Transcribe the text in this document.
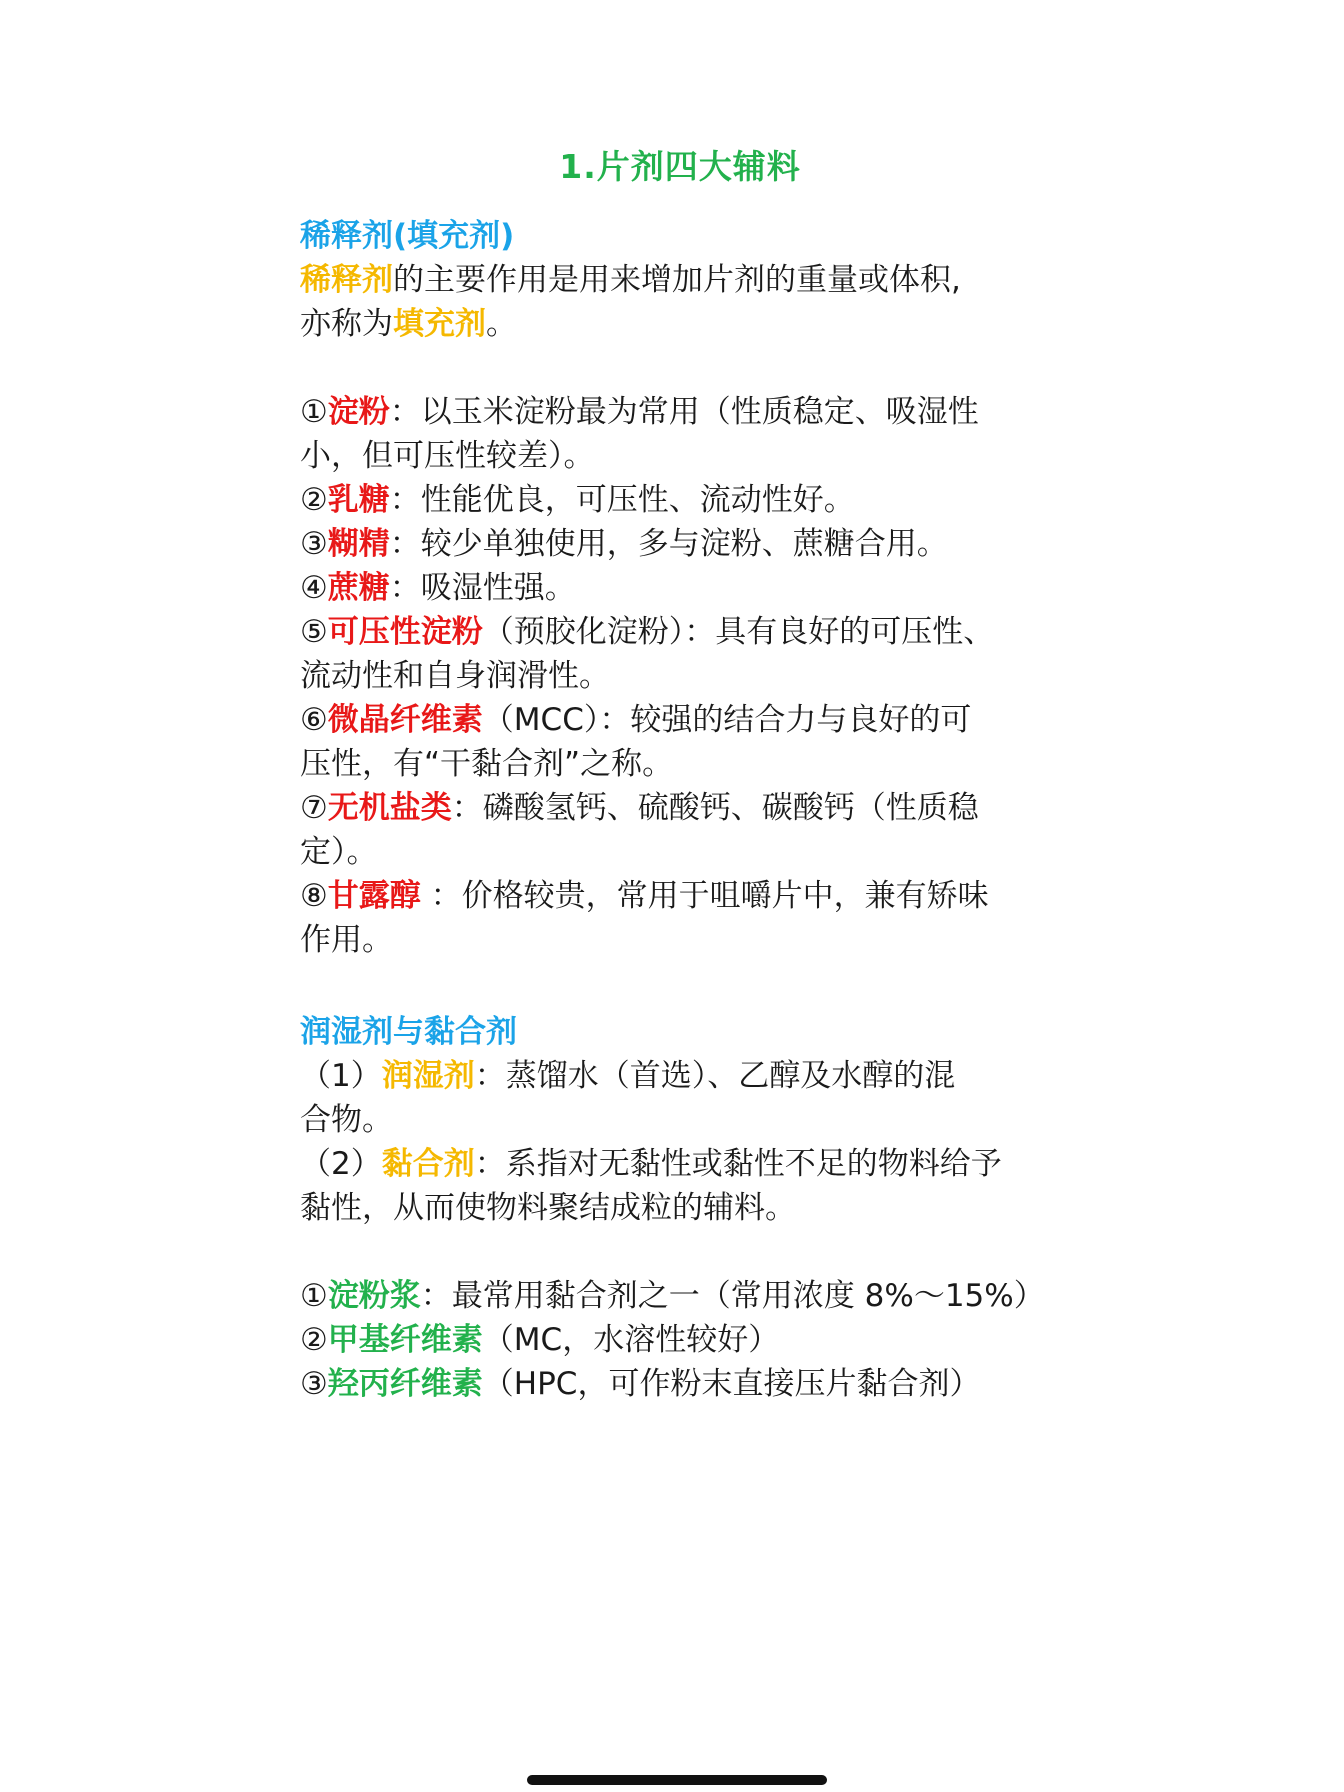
1.片剂四大辅料
稀释剂(填充剂)
稀释剂的主要作用是用来增加片剂的重量或体积,
亦称为填充剂。
①淀粉：以玉米淀粉最为常用（性质稳定、吸湿性
小，但可压性较差）。
②乳糖：性能优良，可压性、流动性好。
③糊精：较少单独使用，多与淀粉、蔗糖合用。
④蔗糖：吸湿性强。
⑤可压性淀粉（预胶化淀粉）：具有良好的可压性、
流动性和自身润滑性。
⑥微晶纤维素（MCC）：较强的结合力与良好的可
压性，有“干黏合剂”之称。
⑦无机盐类：磷酸氢钙、硫酸钙、碳酸钙（性质稳
定）。
⑧甘露醇 ：价格较贵，常用于咀嚼片中，兼有矫味
作用。
润湿剂与黏合剂
（1）润湿剂：蒸馏水（首选）、乙醇及水醇的混
合物。
（2）黏合剂：系指对无黏性或黏性不足的物料给予
黏性，从而使物料聚结成粒的辅料。
①淀粉浆：最常用黏合剂之一（常用浓度 8%～15%）
②甲基纤维素（MC，水溶性较好）
③羟丙纤维素（HPC，可作粉末直接压片黏合剂）
